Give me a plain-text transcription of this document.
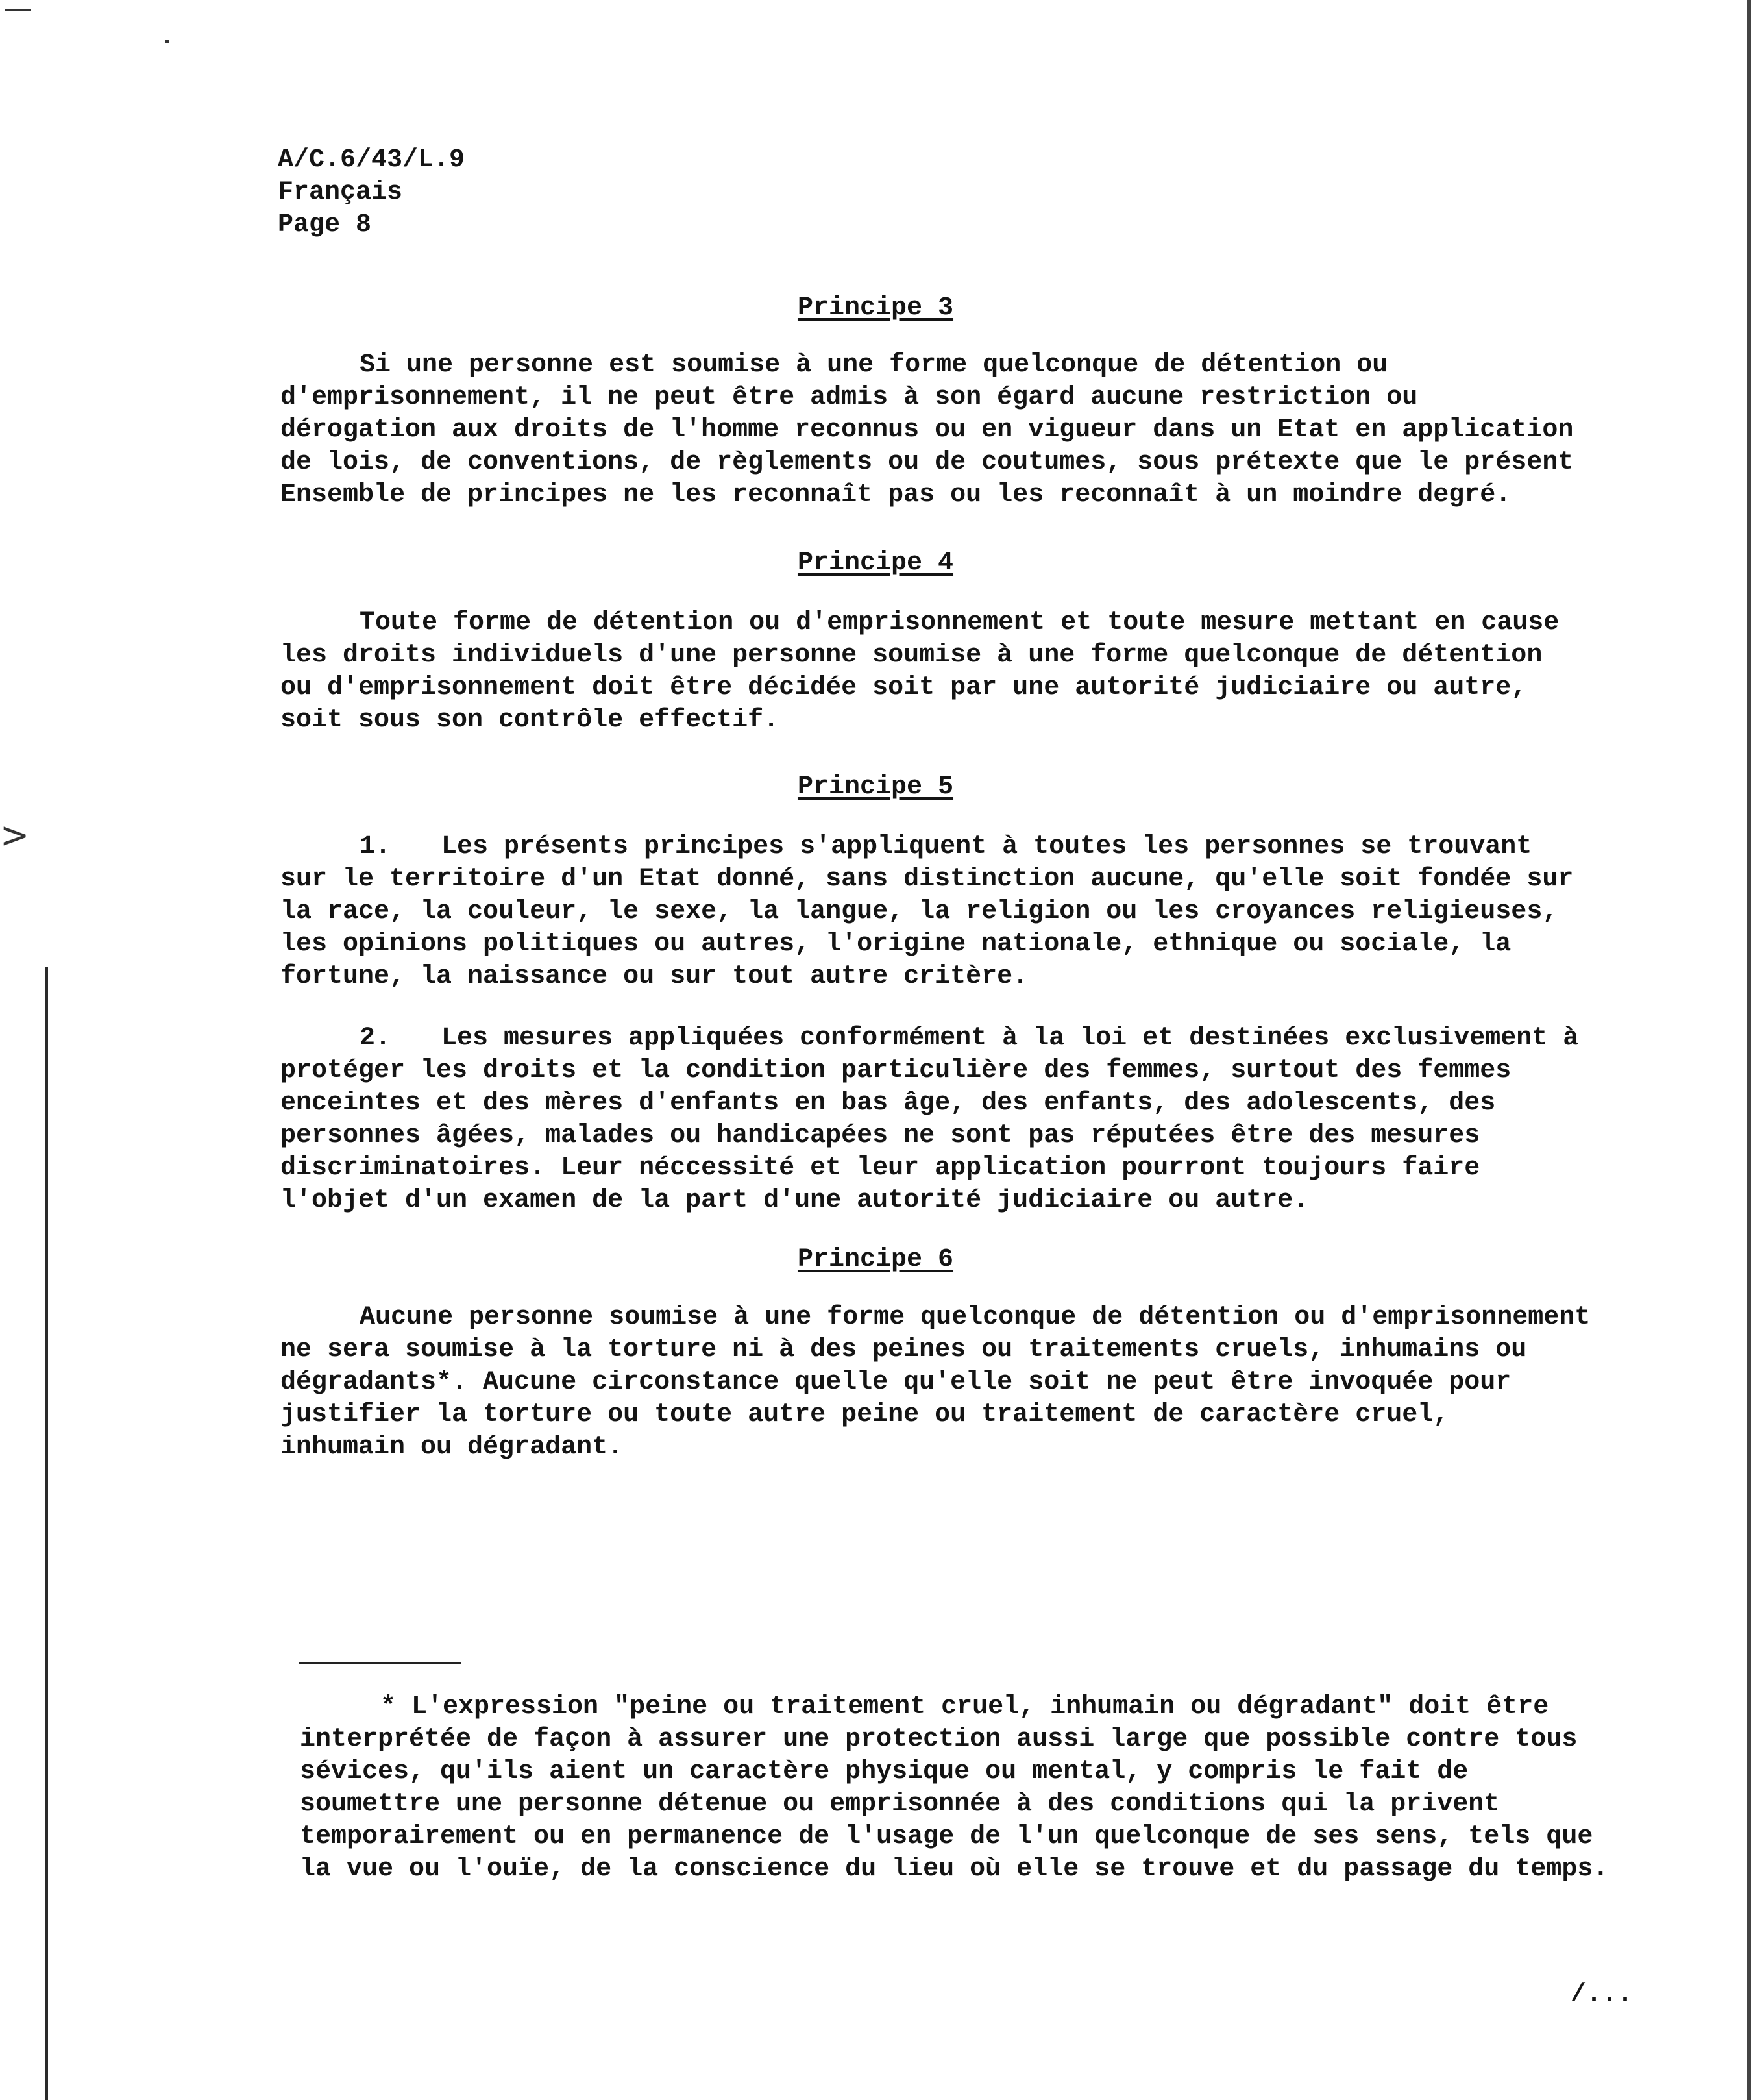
>
A/C.6/43/L.9
Français
Page 8
Principe 3
Si une personne est soumise à une forme quelconque de détention ou
d'emprisonnement, il ne peut être admis à son égard aucune restriction ou
dérogation aux droits de l'homme reconnus ou en vigueur dans un Etat en application
de lois, de conventions, de règlements ou de coutumes, sous prétexte que le présent
Ensemble de principes ne les reconnaît pas ou les reconnaît à un moindre degré.
Principe 4
Toute forme de détention ou d'emprisonnement et toute mesure mettant en cause
les droits individuels d'une personne soumise à une forme quelconque de détention
ou d'emprisonnement doit être décidée soit par une autorité judiciaire ou autre,
soit sous son contrôle effectif.
Principe 5
1. Les présents principes s'appliquent à toutes les personnes se trouvant
sur le territoire d'un Etat donné, sans distinction aucune, qu'elle soit fondée sur
la race, la couleur, le sexe, la langue, la religion ou les croyances religieuses,
les opinions politiques ou autres, l'origine nationale, ethnique ou sociale, la
fortune, la naissance ou sur tout autre critère.
2. Les mesures appliquées conformément à la loi et destinées exclusivement à
protéger les droits et la condition particulière des femmes, surtout des femmes
enceintes et des mères d'enfants en bas âge, des enfants, des adolescents, des
personnes âgées, malades ou handicapées ne sont pas réputées être des mesures
discriminatoires. Leur néccessité et leur application pourront toujours faire
l'objet d'un examen de la part d'une autorité judiciaire ou autre.
Principe 6
Aucune personne soumise à une forme quelconque de détention ou d'emprisonnement
ne sera soumise à la torture ni à des peines ou traitements cruels, inhumains ou
dégradants*. Aucune circonstance quelle qu'elle soit ne peut être invoquée pour
justifier la torture ou toute autre peine ou traitement de caractère cruel,
inhumain ou dégradant.
* L'expression "peine ou traitement cruel, inhumain ou dégradant" doit être
interprétée de façon à assurer une protection aussi large que possible contre tous
sévices, qu'ils aient un caractère physique ou mental, y compris le fait de
soumettre une personne détenue ou emprisonnée à des conditions qui la privent
temporairement ou en permanence de l'usage de l'un quelconque de ses sens, tels que
la vue ou l'ouïe, de la conscience du lieu où elle se trouve et du passage du temps.
/...
